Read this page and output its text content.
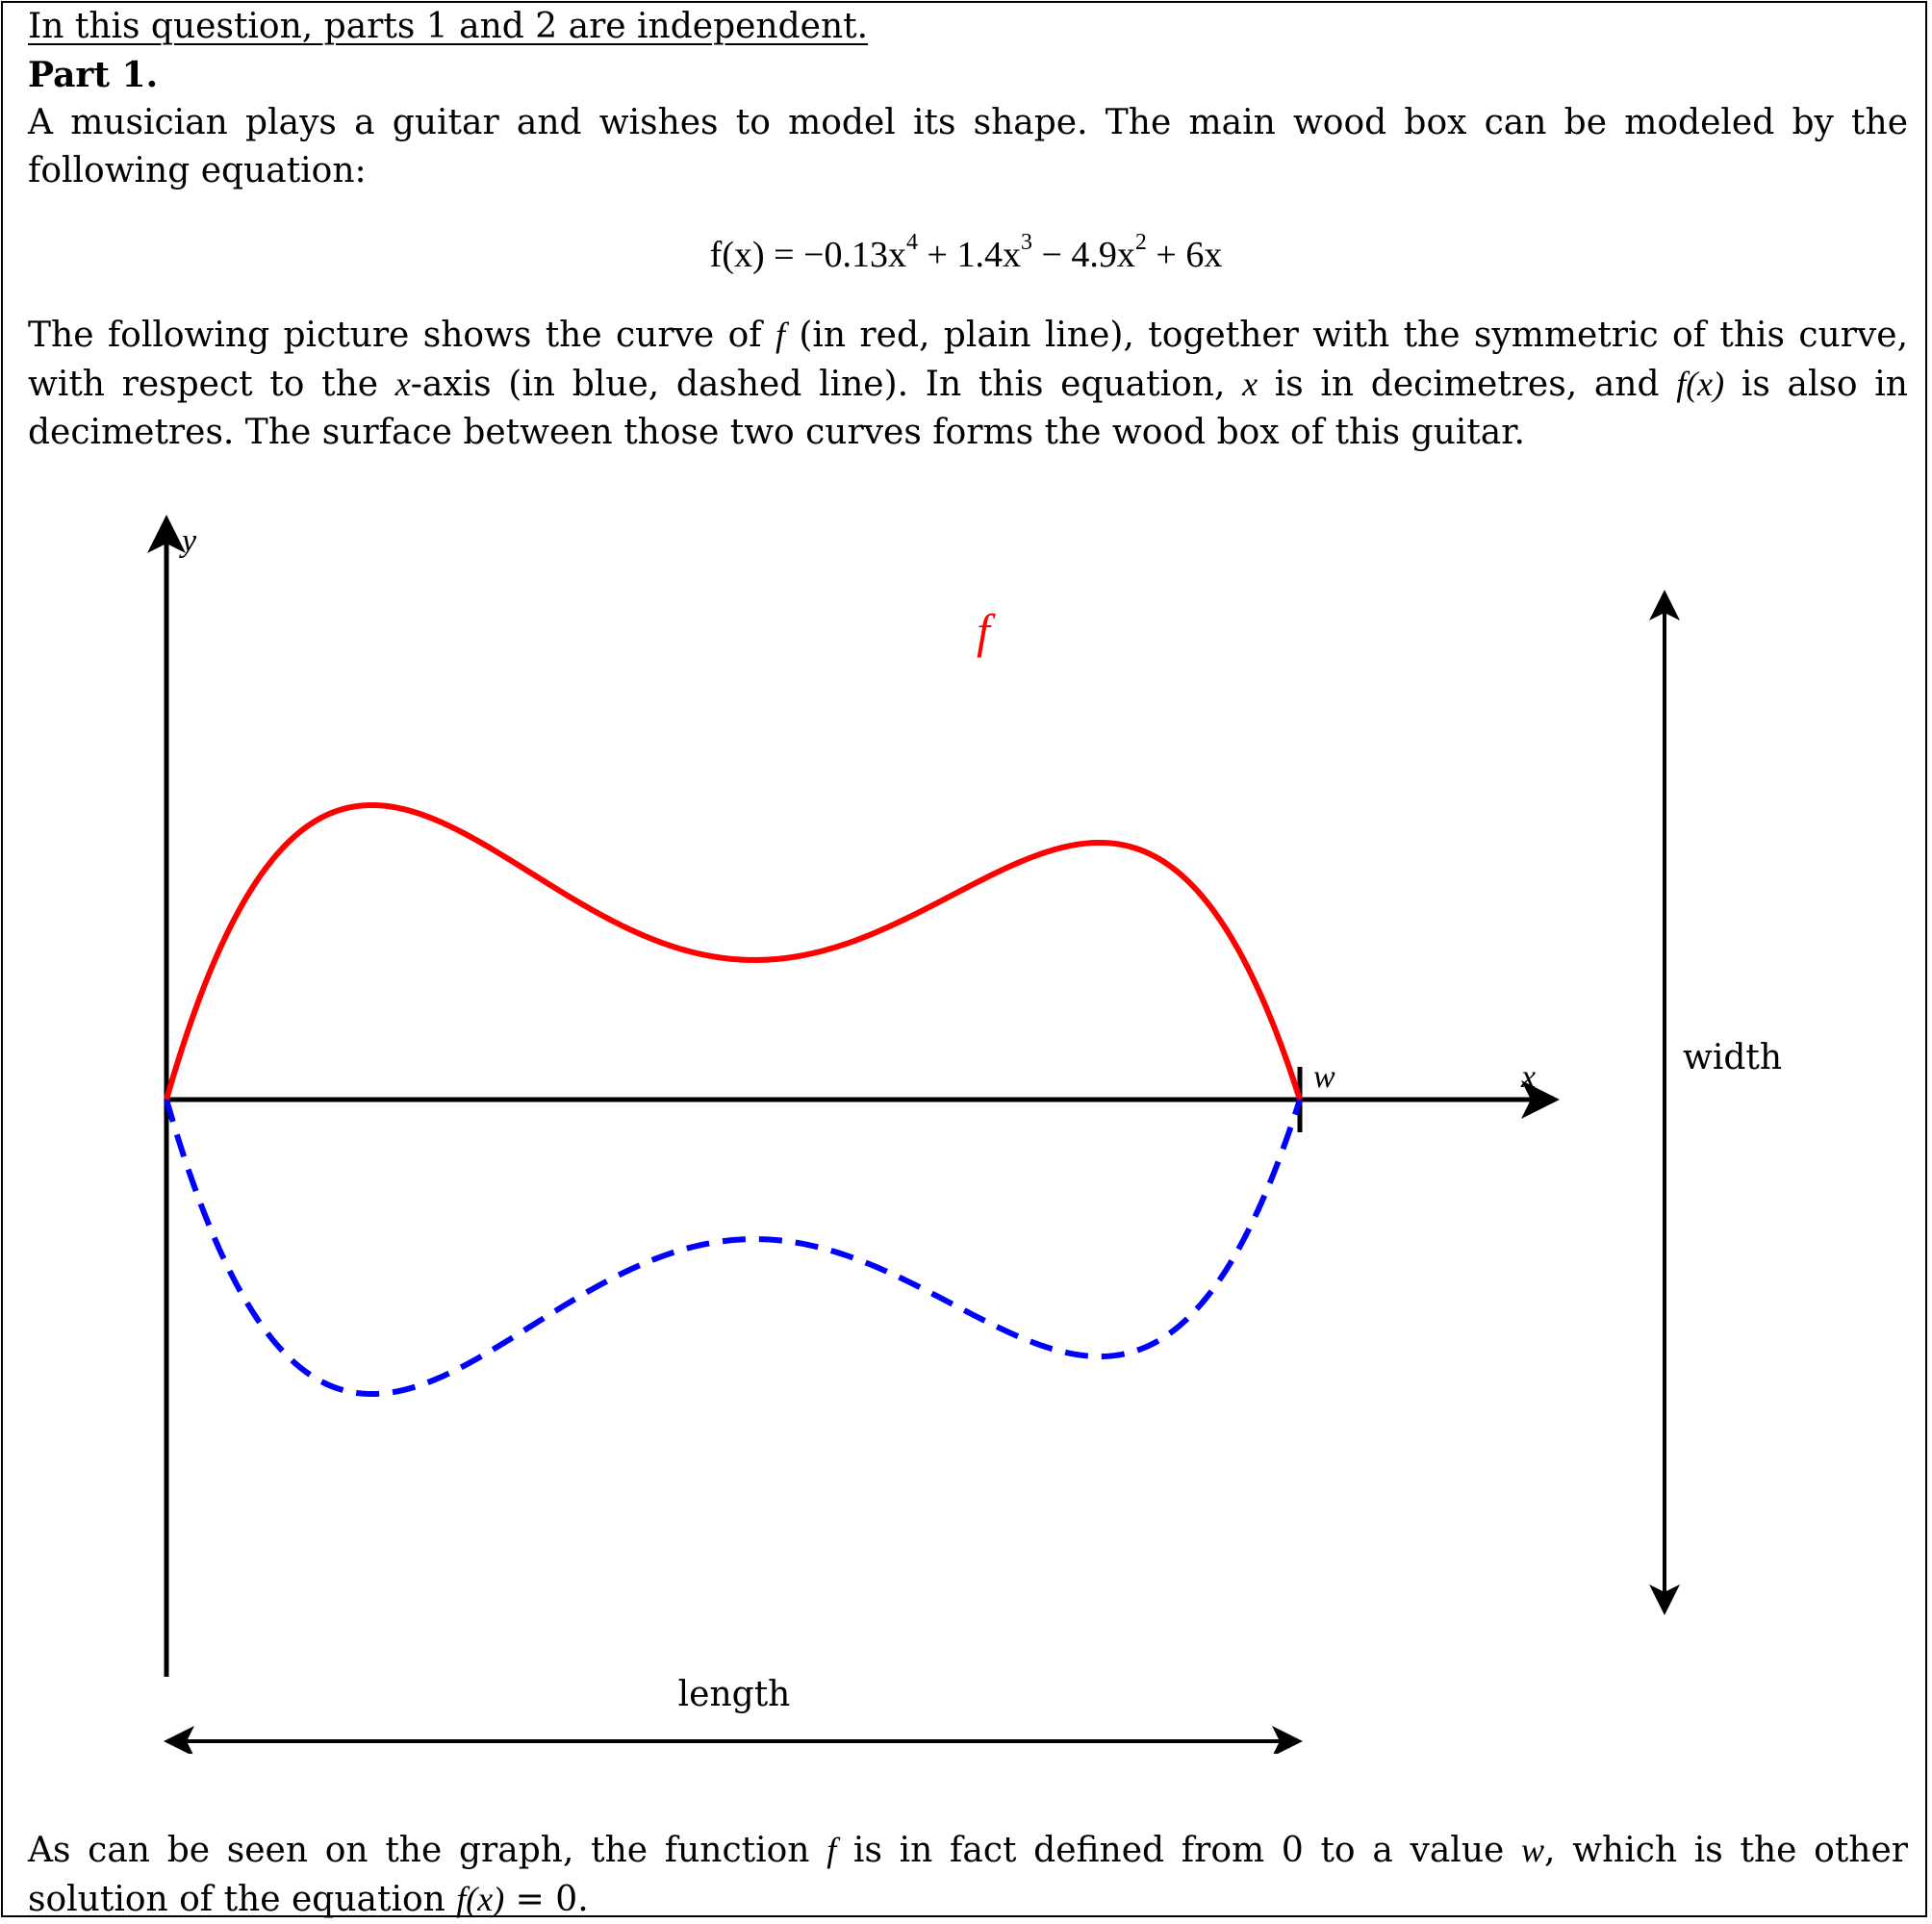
In this question, parts 1 and 2 are independent.
Part 1.
A musician plays a guitar and wishes to model its shape. The main wood box can be modeled by the following equation:
$f(x) = -0.13x^4 + 1.4x^3 - 4.9x^2 + 6x$
The following picture shows the curve of f (in red, plain line), together with the symmetric of this curve, with respect to the x-axis (in blue, dashed line). In this equation, x is in decimetres, and f(x) is also in decimetres. The surface between those two curves forms the wood box of this guitar.
y
x
w
f
width
length
As can be seen on the graph, the function f is in fact defined from 0 to a value w, which is the other solution of the equation f(x) = 0.
